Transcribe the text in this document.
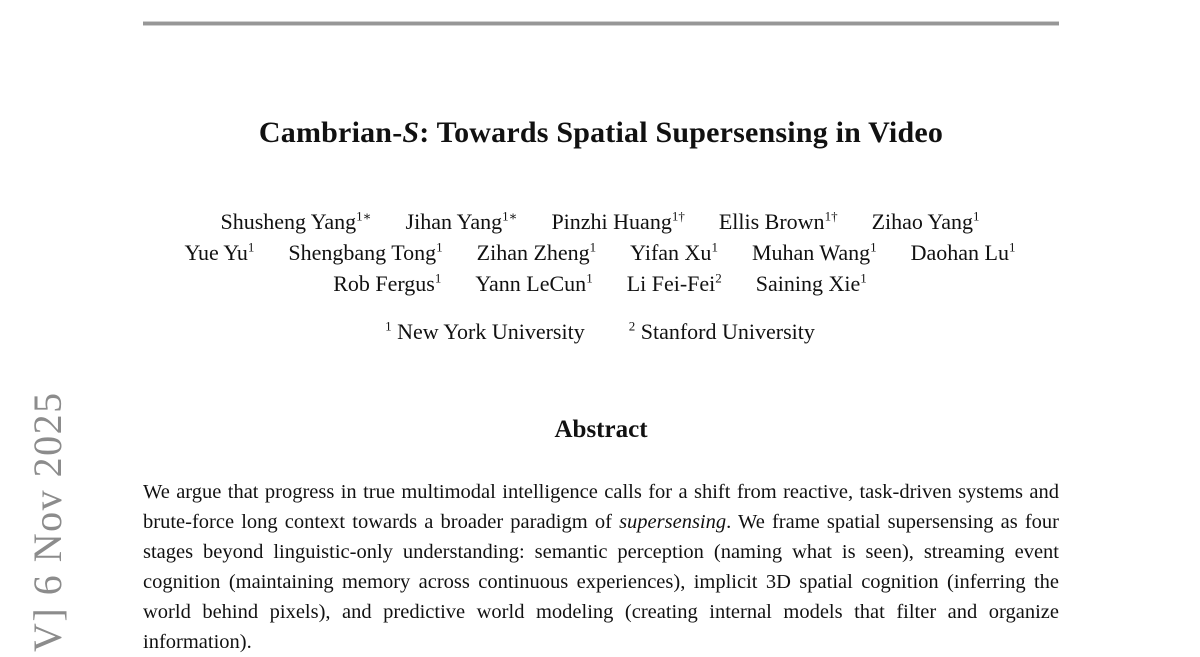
Cambrian-S: Towards Spatial Supersensing in Video
Shusheng Yang$^{1∗}$ Jihan Yang$^{1∗}$ Pinzhi Huang$^{1\dagger}$ Ellis Brown$^{1\dagger}$ Zihao Yang$^1$
Yue Yu$^1$ Shengbang Tong$^1$ Zihan Zheng$^1$ Yifan Xu$^1$ Muhan Wang$^1$ Daohan Lu$^1$
Rob Fergus$^1$ Yann LeCun$^1$ Li Fei-Fei$^2$ Saining Xie$^1$
$^1$ New York University	$^2$ Stanford University
Abstract
We argue that progress in true multimodal intelligence calls for a shift from reactive, task-driven systems and brute-force long context towards a broader paradigm of supersensing. We frame spatial supersensing as four stages beyond linguistic-only understanding: semantic perception (naming what is seen), streaming event cognition (maintaining memory across continuous experiences), implicit 3D spatial cognition (inferring the world behind pixels), and predictive world modeling (creating internal models that filter and organize information).
V] 6 Nov 2025
